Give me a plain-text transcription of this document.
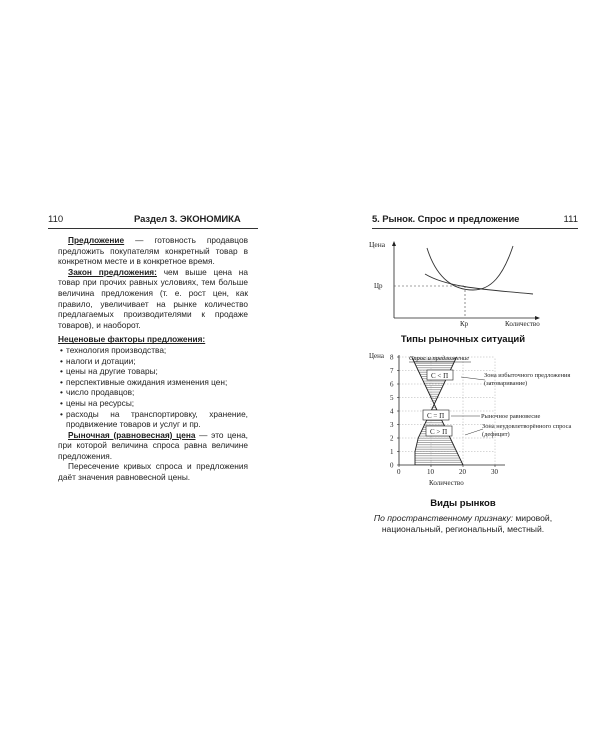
110	Раздел 3. ЭКОНОМИКА

Предложение — готовность продавцов предложить покупателям конкретный товар в конкретном месте и в конкретное время.

Закон предложения: чем выше цена на товар при прочих равных условиях, тем больше величина предложения (т. е. рост цен, как правило, увеличивает на рынке количество предлагаемых производителями к продаже товаров), и наоборот.

Неценовые факторы предложения:

• технология производства;
• налоги и дотации;
• цены на другие товары;
• перспективные ожидания изменения цен;
• число продавцов;
• цены на ресурсы;
• расходы на транспортировку, хранение, продвижение товаров и услуг и пр.

Рыночная (равновесная) цена — это цена, при которой величина спроса равна величине предложения.

Пересечение кривых спроса и предложения даёт значения равновесной цены.

5. Рынок. Спрос и предложение	111
Цена
Количество
Цр
Кр
Типы рыночных ситуаций
0
1
2
3
4
5
6
7
8
0	10	20	30
Цена
Количество
Спрос и предложение
С < П	Зона избыточного предложения (затоваривание)
С = П	Рыночное равновесие
С > П
Зона неудовлетворённого спроса (дефицит)
Виды рынков
По пространственному признаку: мировой, национальный, региональный, местный.
